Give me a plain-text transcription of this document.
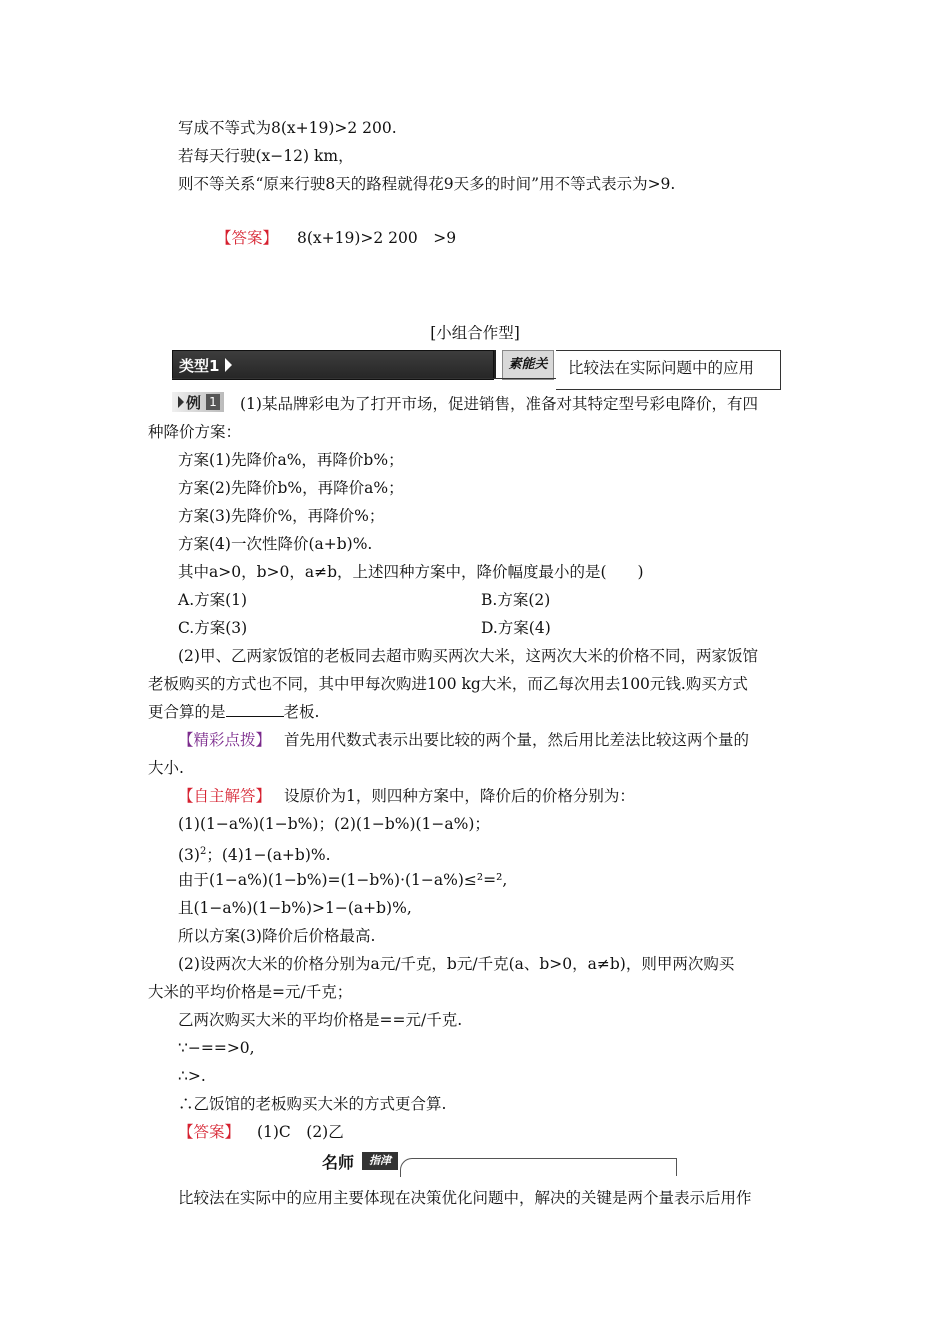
写成不等式为8(x+19)>2 200.
若每天行驶(x−12) km，
则不等关系“原来行驶8天的路程就得花9天多的时间”用不等式表示为>9.
【答案】 8(x+19)>2 200　>9
[小组合作型]
类型1	素能关	比较法在实际问题中的应用
例 1 (1)某品牌彩电为了打开市场，促进销售，准备对其特定型号彩电降价，有四
种降价方案：
方案(1)先降价a%，再降价b%；
方案(2)先降价b%，再降价a%；
方案(3)先降价%，再降价%；
方案(4)一次性降价(a+b)%.
其中a>0，b>0，a≠b，上述四种方案中，降价幅度最小的是(　　)
A.方案(1)	B.方案(2)
C.方案(3)	D.方案(4)
(2)甲、乙两家饭馆的老板同去超市购买两次大米，这两次大米的价格不同，两家饭馆
老板购买的方式也不同，其中甲每次购进100 kg大米，而乙每次用去100元钱.购买方式
更合算的是	老板.
【精彩点拨】 首先用代数式表示出要比较的两个量，然后用比差法比较这两个量的
大小.
【自主解答】 设原价为1，则四种方案中，降价后的价格分别为：
(1)(1−a%)(1−b%)；(2)(1−b%)(1−a%)；
$(3)^2$；(4)1−(a+b)%.
由于(1−a%)(1−b%)=(1−b%)·(1−a%)≤²=²,
且(1−a%)(1−b%)>1−(a+b)%,
所以方案(3)降价后价格最高.
(2)设两次大米的价格分别为a元/千克，b元/千克(a、b>0，a≠b)，则甲两次购买
大米的平均价格是=元/千克；
乙两次购买大米的平均价格是==元/千克.
∵−==>0,
∴>.
∴乙饭馆的老板购买大米的方式更合算.
【答案】 (1)C　(2)乙
名师	指津
比较法在实际中的应用主要体现在决策优化问题中，解决的关键是两个量表示后用作
